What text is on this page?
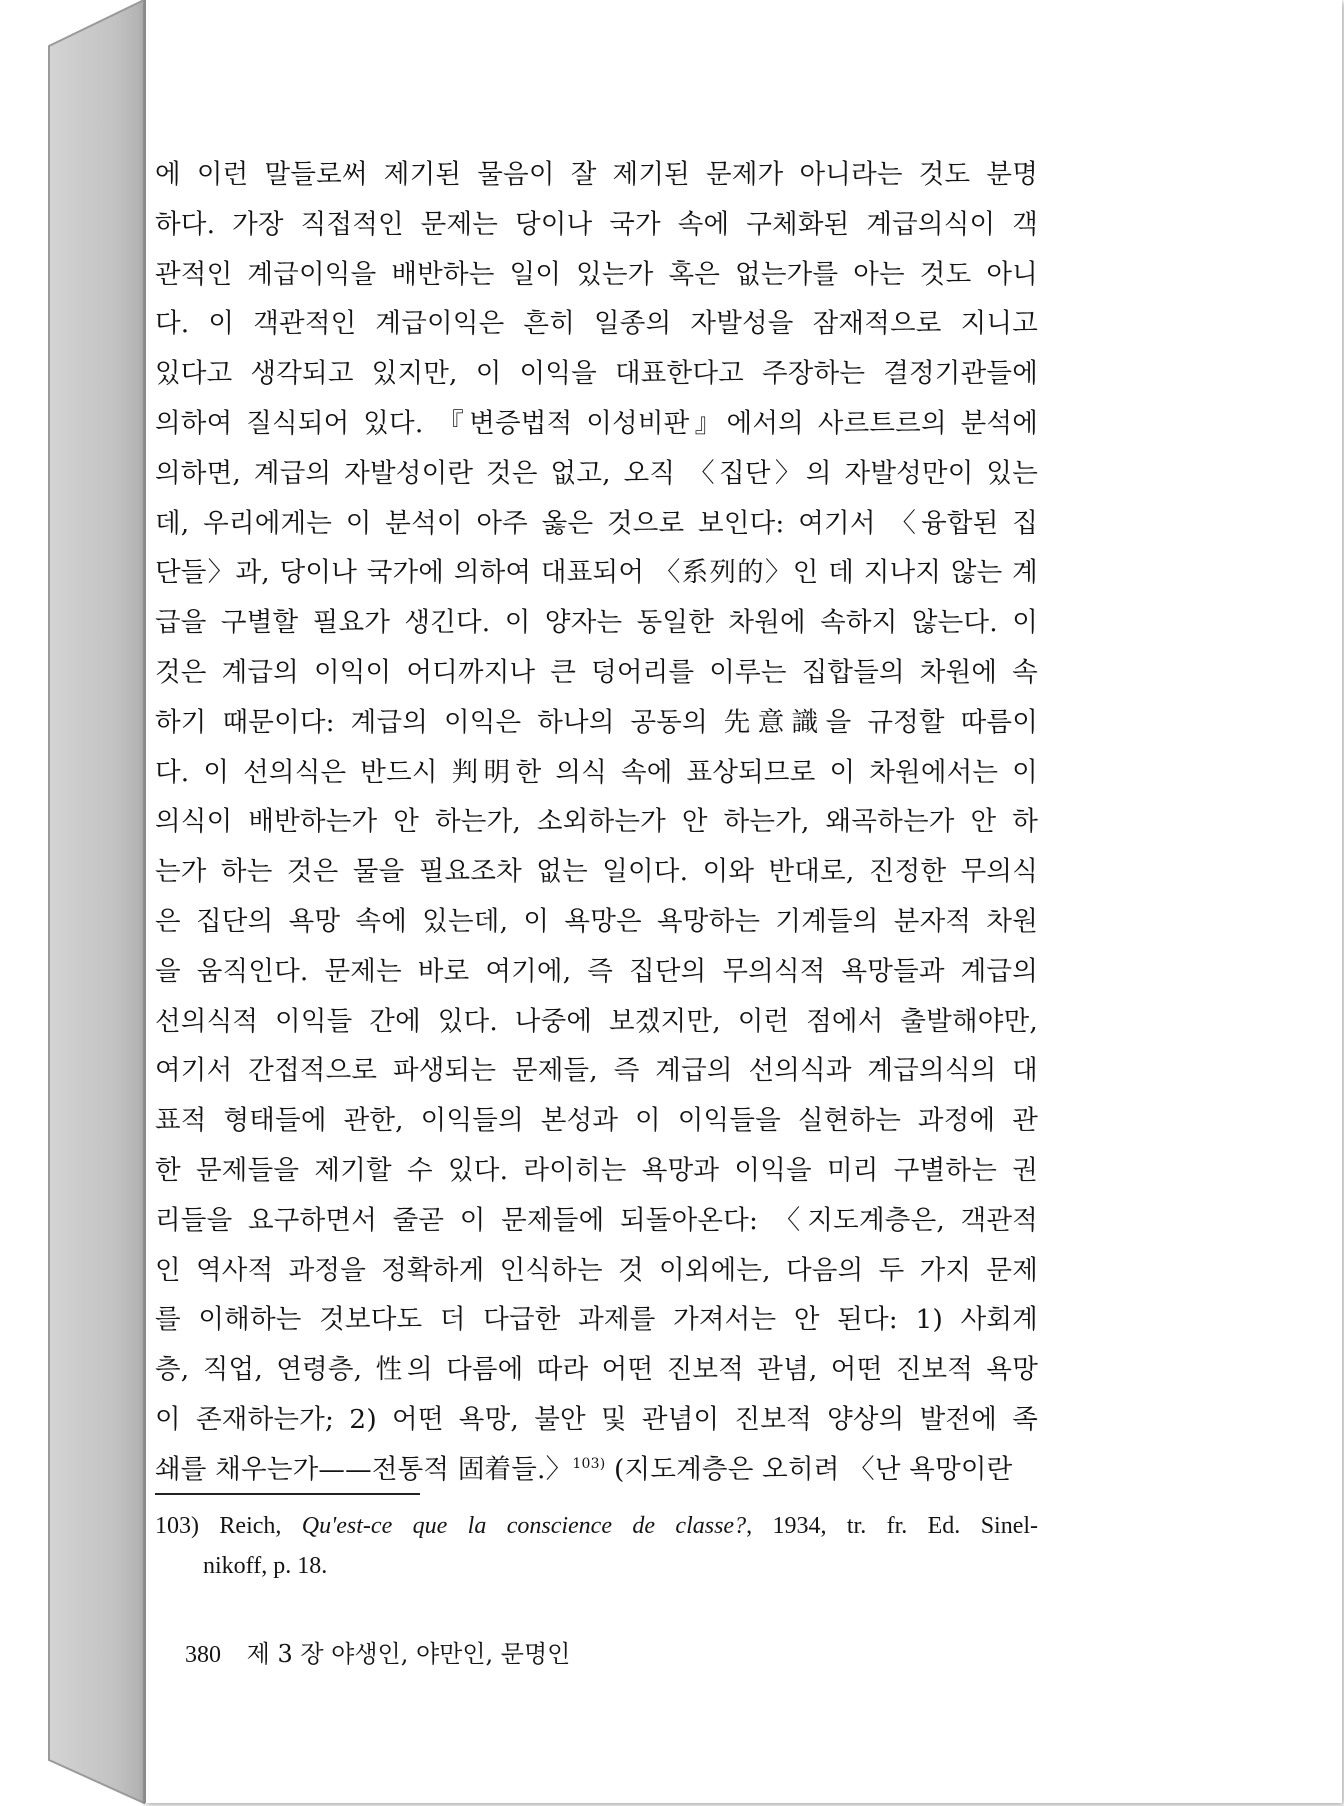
에 이런 말들로써 제기된 물음이 잘 제기된 문제가 아니라는 것도 분명
하다. 가장 직접적인 문제는 당이나 국가 속에 구체화된 계급의식이 객
관적인 계급이익을 배반하는 일이 있는가 혹은 없는가를 아는 것도 아니
다. 이 객관적인 계급이익은 흔히 일종의 자발성을 잠재적으로 지니고
있다고 생각되고 있지만, 이 이익을 대표한다고 주장하는 결정기관들에
의하여 질식되어 있다. 『변증법적 이성비판』에서의 사르트르의 분석에
의하면, 계급의 자발성이란 것은 없고, 오직 〈집단〉의 자발성만이 있는
데, 우리에게는 이 분석이 아주 옳은 것으로 보인다: 여기서 〈융합된 집
단들〉과, 당이나 국가에 의하여 대표되어 〈系列的〉인 데 지나지 않는 계
급을 구별할 필요가 생긴다. 이 양자는 동일한 차원에 속하지 않는다. 이
것은 계급의 이익이 어디까지나 큰 덩어리를 이루는 집합들의 차원에 속
하기 때문이다: 계급의 이익은 하나의 공동의 先意識을 규정할 따름이
다. 이 선의식은 반드시 判明한 의식 속에 표상되므로 이 차원에서는 이
의식이 배반하는가 안 하는가, 소외하는가 안 하는가, 왜곡하는가 안 하
는가 하는 것은 물을 필요조차 없는 일이다. 이와 반대로, 진정한 무의식
은 집단의 욕망 속에 있는데, 이 욕망은 욕망하는 기계들의 분자적 차원
을 움직인다. 문제는 바로 여기에, 즉 집단의 무의식적 욕망들과 계급의
선의식적 이익들 간에 있다. 나중에 보겠지만, 이런 점에서 출발해야만,
여기서 간접적으로 파생되는 문제들, 즉 계급의 선의식과 계급의식의 대
표적 형태들에 관한, 이익들의 본성과 이 이익들을 실현하는 과정에 관
한 문제들을 제기할 수 있다. 라이히는 욕망과 이익을 미리 구별하는 권
리들을 요구하면서 줄곧 이 문제들에 되돌아온다: 〈지도계층은, 객관적
인 역사적 과정을 정확하게 인식하는 것 이외에는, 다음의 두 가지 문제
를 이해하는 것보다도 더 다급한 과제를 가져서는 안 된다: 1) 사회계
층, 직업, 연령층, 性의 다름에 따라 어떤 진보적 관념, 어떤 진보적 욕망
이 존재하는가; 2) 어떤 욕망, 불안 및 관념이 진보적 양상의 발전에 족
쇄를 채우는가——전통적 固着들.〉$^{103)}$ (지도계층은 오히려 〈난 욕망이란
103) Reich, Qu'est-ce que la conscience de classe?, 1934, tr. fr. Ed. Sinel-
nikoff, p. 18.
380 제 3 장 야생인, 야만인, 문명인
